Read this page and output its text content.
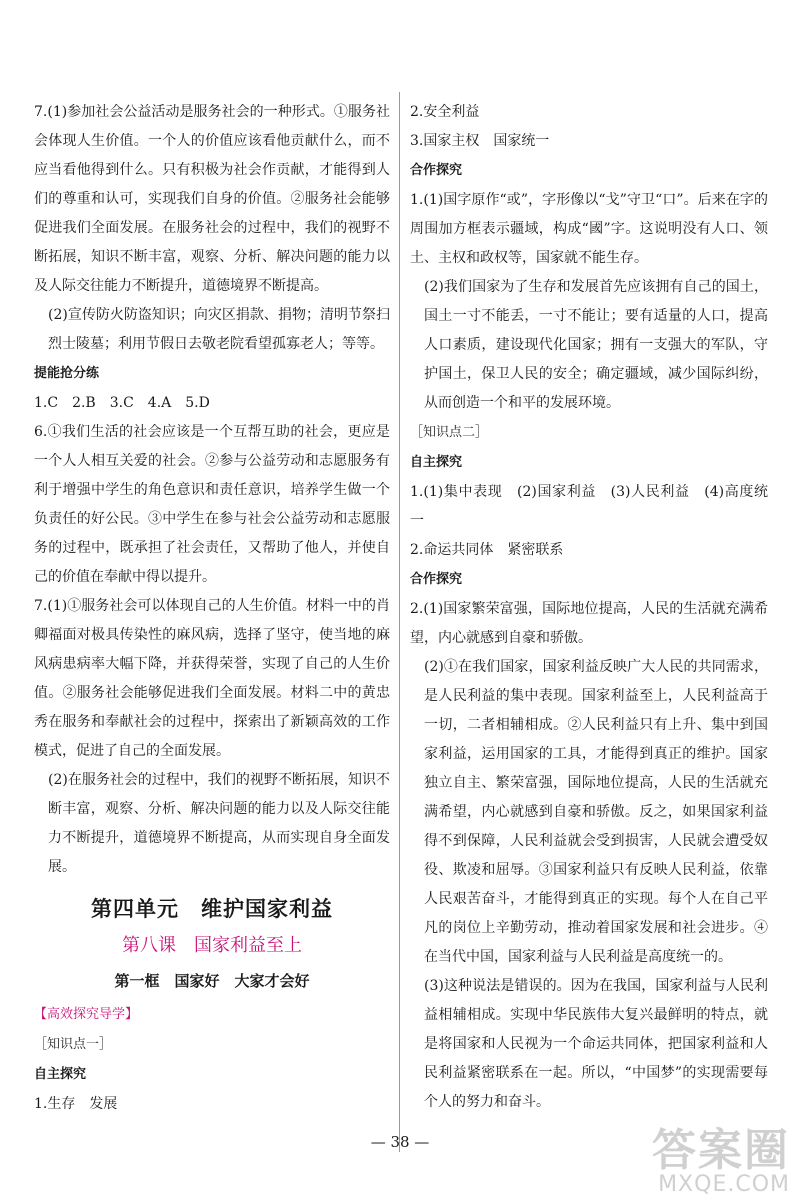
7.(1)参加社会公益活动是服务社会的一种形式。①服务社会体现人生价值。一个人的价值应该看他贡献什么，而不应当看他得到什么。只有积极为社会作贡献，才能得到人们的尊重和认可，实现我们自身的价值。②服务社会能够促进我们全面发展。在服务社会的过程中，我们的视野不断拓展，知识不断丰富，观察、分析、解决问题的能力以及人际交往能力不断提升，道德境界不断提高。

(2)宣传防火防盗知识；向灾区捐款、捐物；清明节祭扫烈士陵墓；利用节假日去敬老院看望孤寡老人；等等。

提能抢分练

1.C　2.B　3.C　4.A　5.D

6.①我们生活的社会应该是一个互帮互助的社会，更应是一个人人相互关爱的社会。②参与公益劳动和志愿服务有利于增强中学生的角色意识和责任意识，培养学生做一个负责任的好公民。③中学生在参与社会公益劳动和志愿服务的过程中，既承担了社会责任，又帮助了他人，并使自己的价值在奉献中得以提升。

7.(1)①服务社会可以体现自己的人生价值。材料一中的肖卿福面对极具传染性的麻风病，选择了坚守，使当地的麻风病患病率大幅下降，并获得荣誉，实现了自己的人生价值。②服务社会能够促进我们全面发展。材料二中的黄忠秀在服务和奉献社会的过程中，探索出了新颖高效的工作模式，促进了自己的全面发展。

(2)在服务社会的过程中，我们的视野不断拓展，知识不断丰富，观察、分析、解决问题的能力以及人际交往能力不断提升，道德境界不断提高，从而实现自身全面发展。

第四单元　维护国家利益

第八课　国家利益至上

第一框　国家好　大家才会好

【高效探究导学】

［知识点一］

自主探究

1.生存　发展

2.安全利益

3.国家主权　国家统一

合作探究

1.(1)国字原作“或”，字形像以“戈”守卫“口”。后来在字的周围加方框表示疆域，构成“國”字。这说明没有人口、领土、主权和政权等，国家就不能生存。

(2)我们国家为了生存和发展首先应该拥有自己的国土，国土一寸不能丢，一寸不能让；要有适量的人口，提高人口素质，建设现代化国家；拥有一支强大的军队，守护国土，保卫人民的安全；确定疆域，减少国际纠纷，从而创造一个和平的发展环境。

［知识点二］

自主探究

1.(1)集中表现　(2)国家利益　(3)人民利益　(4)高度统一

2.命运共同体　紧密联系

合作探究

2.(1)国家繁荣富强，国际地位提高，人民的生活就充满希望，内心就感到自豪和骄傲。

(2)①在我们国家，国家利益反映广大人民的共同需求，是人民利益的集中表现。国家利益至上，人民利益高于一切，二者相辅相成。②人民利益只有上升、集中到国家利益，运用国家的工具，才能得到真正的维护。国家独立自主、繁荣富强，国际地位提高，人民的生活就充满希望，内心就感到自豪和骄傲。反之，如果国家利益得不到保障，人民利益就会受到损害，人民就会遭受奴役、欺凌和屈辱。③国家利益只有反映人民利益，依靠人民艰苦奋斗，才能得到真正的实现。每个人在自己平凡的岗位上辛勤劳动，推动着国家发展和社会进步。④在当代中国，国家利益与人民利益是高度统一的。

(3)这种说法是错误的。因为在我国，国家利益与人民利益相辅相成。实现中华民族伟大复兴最鲜明的特点，就是将国家和人民视为一个命运共同体，把国家利益和人民利益紧密联系在一起。所以，“中国梦”的实现需要每个人的努力和奋斗。

— 38 —	答案圈
MXQE.COM
